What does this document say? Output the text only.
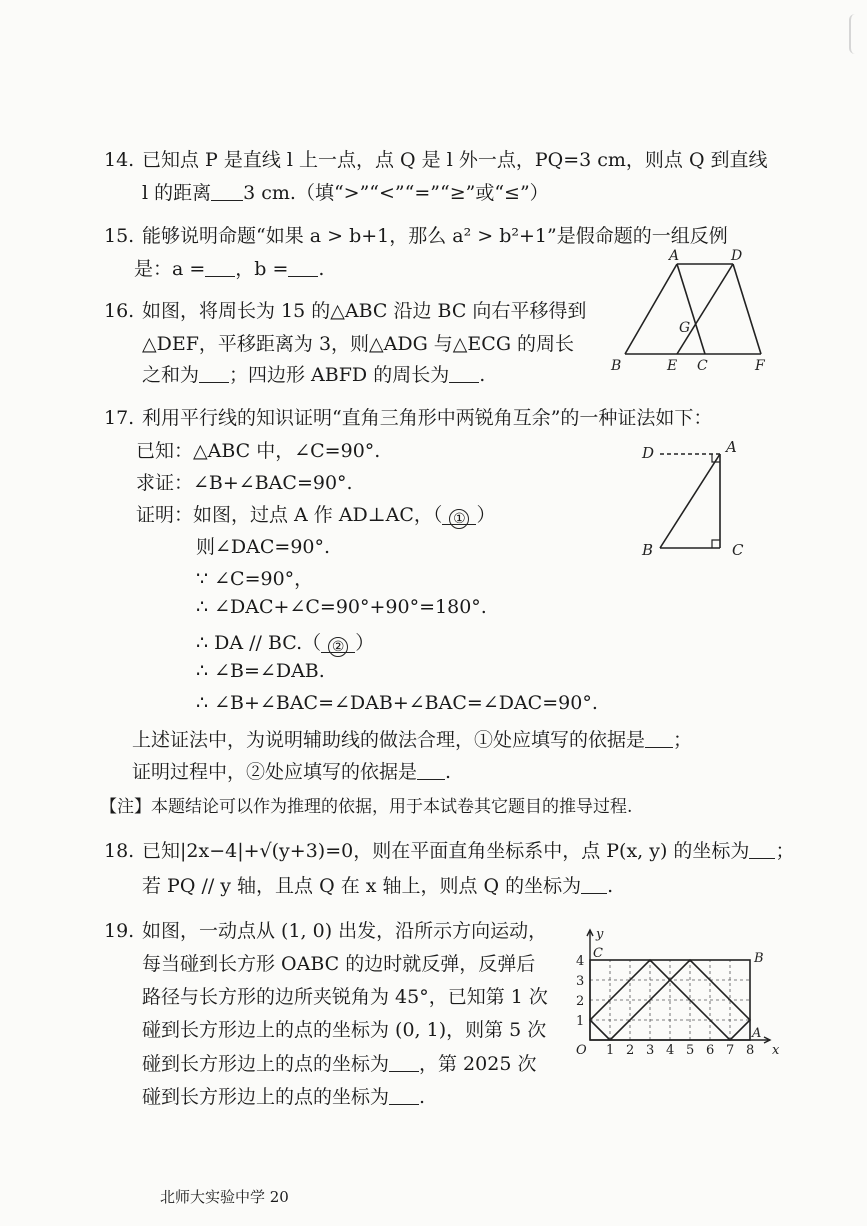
14. 已知点 P 是直线 l 上一点，点 Q 是 l 外一点，PQ=3 cm，则点 Q 到直线
l 的距离 3 cm.（填“>”“<”“=”“≥”或“≤”）
15. 能够说明命题“如果 a > b+1，那么 a² > b²+1”是假命题的一组反例
是：a = ，b = .
16. 如图，将周长为 15 的△ABC 沿边 BC 向右平移得到
△DEF，平移距离为 3，则△ADG 与△ECG 的周长
之和为 ；四边形 ABFD 的周长为 .
A	D
G
B	E C	F
17. 利用平行线的知识证明“直角三角形中两锐角互余”的一种证法如下：
已知：△ABC 中，∠C=90°.
求证：∠B+∠BAC=90°.
证明：如图，过点 A 作 AD⊥AC，（ ① ）
则∠DAC=90°.
∵ ∠C=90°，
∴ ∠DAC+∠C=90°+90°=180°.
∴ DA // BC.（ ② ）
∴ ∠B=∠DAB.
∴ ∠B+∠BAC=∠DAB+∠BAC=∠DAC=90°.
上述证法中，为说明辅助线的做法合理，①处应填写的依据是 ；
证明过程中，②处应填写的依据是 .
【注】本题结论可以作为推理的依据，用于本试卷其它题目的推导过程.
D	A
B	C
18. 已知|2x−4|+√(y+3)=0，则在平面直角坐标系中，点 P(x, y) 的坐标为 ；
若 PQ // y 轴，且点 Q 在 x 轴上，则点 Q 的坐标为 .
19. 如图，一动点从 (1, 0) 出发，沿所示方向运动，
每当碰到长方形 OABC 的边时就反弹，反弹后
路径与长方形的边所夹锐角为 45°，已知第 1 次
碰到长方形边上的点的坐标为 (0, 1)，则第 5 次
碰到长方形边上的点的坐标为 ，第 2025 次
碰到长方形边上的点的坐标为 .
1 2 3 4 5 6 7 8
1
2
3
4
O	x
y
C	B
A
北师大实验中学 20
